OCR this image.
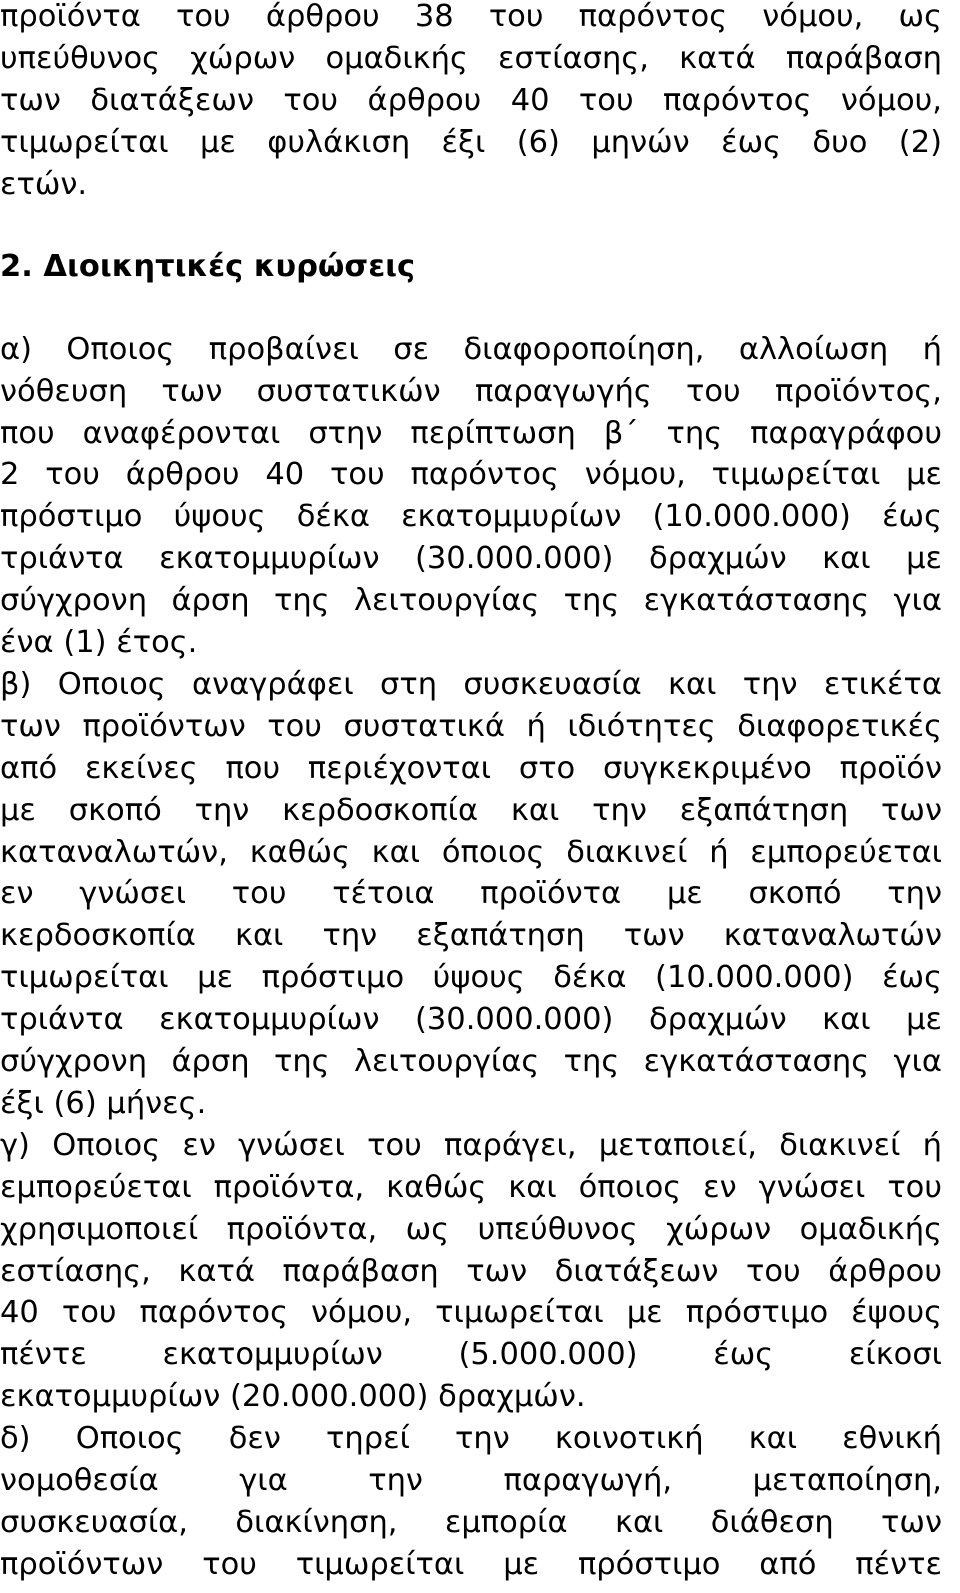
προϊόντα του άρθρου 38 του παρόντος νόμου, ως
υπεύθυνος χώρων ομαδικής εστίασης, κατά παράβαση
των διατάξεων του άρθρου 40 του παρόντος νόμου,
τιμωρείται με φυλάκιση έξι (6) μηνών έως δυο (2)
ετών.
2. Διοικητικές κυρώσεις
α) Οποιος προβαίνει σε διαφοροποίηση, αλλοίωση ή
νόθευση των συστατικών παραγωγής του προϊόντος,
που αναφέρονται στην περίπτωση β΄ της παραγράφου
2 του άρθρου 40 του παρόντος νόμου, τιμωρείται με
πρόστιμο ύψους δέκα εκατομμυρίων (10.000.000) έως
τριάντα εκατομμυρίων (30.000.000) δραχμών και με
σύγχρονη άρση της λειτουργίας της εγκατάστασης για
ένα (1) έτος.
β) Οποιος αναγράφει στη συσκευασία και την ετικέτα
των προϊόντων του συστατικά ή ιδιότητες διαφορετικές
από εκείνες που περιέχονται στο συγκεκριμένο προϊόν
με σκοπό την κερδοσκοπία και την εξαπάτηση των
καταναλωτών, καθώς και όποιος διακινεί ή εμπορεύεται
εν γνώσει του τέτοια προϊόντα με σκοπό την
κερδοσκοπία και την εξαπάτηση των καταναλωτών
τιμωρείται με πρόστιμο ύψους δέκα (10.000.000) έως
τριάντα εκατομμυρίων (30.000.000) δραχμών και με
σύγχρονη άρση της λειτουργίας της εγκατάστασης για
έξι (6) μήνες.
γ) Οποιος εν γνώσει του παράγει, μεταποιεί, διακινεί ή
εμπορεύεται προϊόντα, καθώς και όποιος εν γνώσει του
χρησιμοποιεί προϊόντα, ως υπεύθυνος χώρων ομαδικής
εστίασης, κατά παράβαση των διατάξεων του άρθρου
40 του παρόντος νόμου, τιμωρείται με πρόστιμο έψους
πέντε εκατομμυρίων (5.000.000) έως είκοσι
εκατομμυρίων (20.000.000) δραχμών.
δ) Οποιος δεν τηρεί την κοινοτική και εθνική
νομοθεσία για την παραγωγή, μεταποίηση,
συσκευασία, διακίνηση, εμπορία και διάθεση των
προϊόντων του τιμωρείται με πρόστιμο από πέντε
